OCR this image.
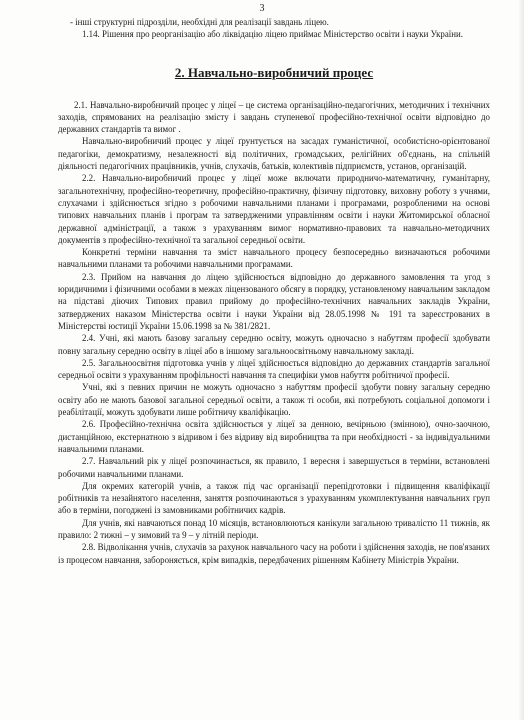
3

- інші структурні підрозділи, необхідні для реалізації завдань ліцею.

1.14. Рішення про реорганізацію або ліквідацію ліцею приймає Міністерство освіти і науки України.

2. Навчально-виробничий процес

2.1. Навчально-виробничий процес у ліцеї – це система організаційно-педагогічних, методичних і технічних заходів, спрямованих на реалізацію змісту і завдань ступеневої професійно-технічної освіти відповідно до державних стандартів та вимог .

Навчально-виробничий процес у ліцеї ґрунтується на засадах гуманістичної, особистісно-орієнтованої педагогіки, демократизму, незалежності від політичних, громадських, релігійних об'єднань, на спільній діяльності педагогічних працівників, учнів, слухачів, батьків, колективів підприємств, установ, організацій.

2.2. Навчально-виробничий процес у ліцеї може включати природничо-математичну, гуманітарну, загальнотехнічну, професійно-теоретичну, професійно-практичну, фізичну підготовку, виховну роботу з учнями, слухачами і здійснюється згідно з робочими навчальними планами і програмами, розробленими на основі типових навчальних планів і програм та затвердженими управлінням освіти і науки Житомирської обласної державної адміністрації, а також з урахуванням вимог нормативно-правових та навчально-методичних документів з професійно-технічної та загальної середньої освіти.

Конкретні терміни навчання та зміст навчального процесу безпосередньо визначаються робочими навчальними планами та робочими навчальними програмами.

2.3. Прийом на навчання до ліцею здійснюється відповідно до державного замовлення та угод з юридичними і фізичними особами в межах ліцензованого обсягу в порядку, установленому навчальним закладом на підставі діючих Типових правил прийому до професійно-технічних навчальних закладів України, затверджених наказом Міністерства освіти і науки України від 28.05.1998 № 191 та зареєстрованих в Міністерстві юстиції України 15.06.1998 за № 381/2821.

2.4. Учні, які мають базову загальну середню освіту, можуть одночасно з набуттям професії здобувати повну загальну середню освіту в ліцеї або в іншому загальноосвітньому навчальному закладі.

2.5. Загальноосвітня підготовка учнів у ліцеї здійснюється відповідно до державних стандартів загальної середньої освіти з урахуванням профільності навчання та специфіки умов набуття робітничої професії.

Учні, які з певних причин не можуть одночасно з набуттям професії здобути повну загальну середню освіту або не мають базової загальної середньої освіти, а також ті особи, які потребують соціальної допомоги і реабілітації, можуть здобувати лише робітничу кваліфікацію.

2.6. Професійно-технічна освіта здійснюється у ліцеї за денною, вечірньою (змінною), очно-заочною, дистанційною, екстернатною з відривом і без відриву від виробництва та при необхідності - за індивідуальними навчальними планами.

2.7. Навчальний рік у ліцеї розпочинається, як правило, 1 вересня і завершується в терміни, встановлені робочими навчальними планами.

Для окремих категорій учнів, а також під час організації перепідготовки і підвищення кваліфікації робітників та незайнятого населення, заняття розпочинаються з урахуванням укомплектування навчальних груп або в терміни, погоджені із замовниками робітничих кадрів.

Для учнів, які навчаються понад 10 місяців, встановлюються канікули загальною тривалістю 11 тижнів, як правило: 2 тижні – у зимовий та 9 – у літній періоди.

2.8. Відволікання учнів, слухачів за рахунок навчального часу на роботи і здійснення заходів, не пов'язаних із процесом навчання, забороняється, крім випадків, передбачених рішенням Кабінету Міністрів України.
